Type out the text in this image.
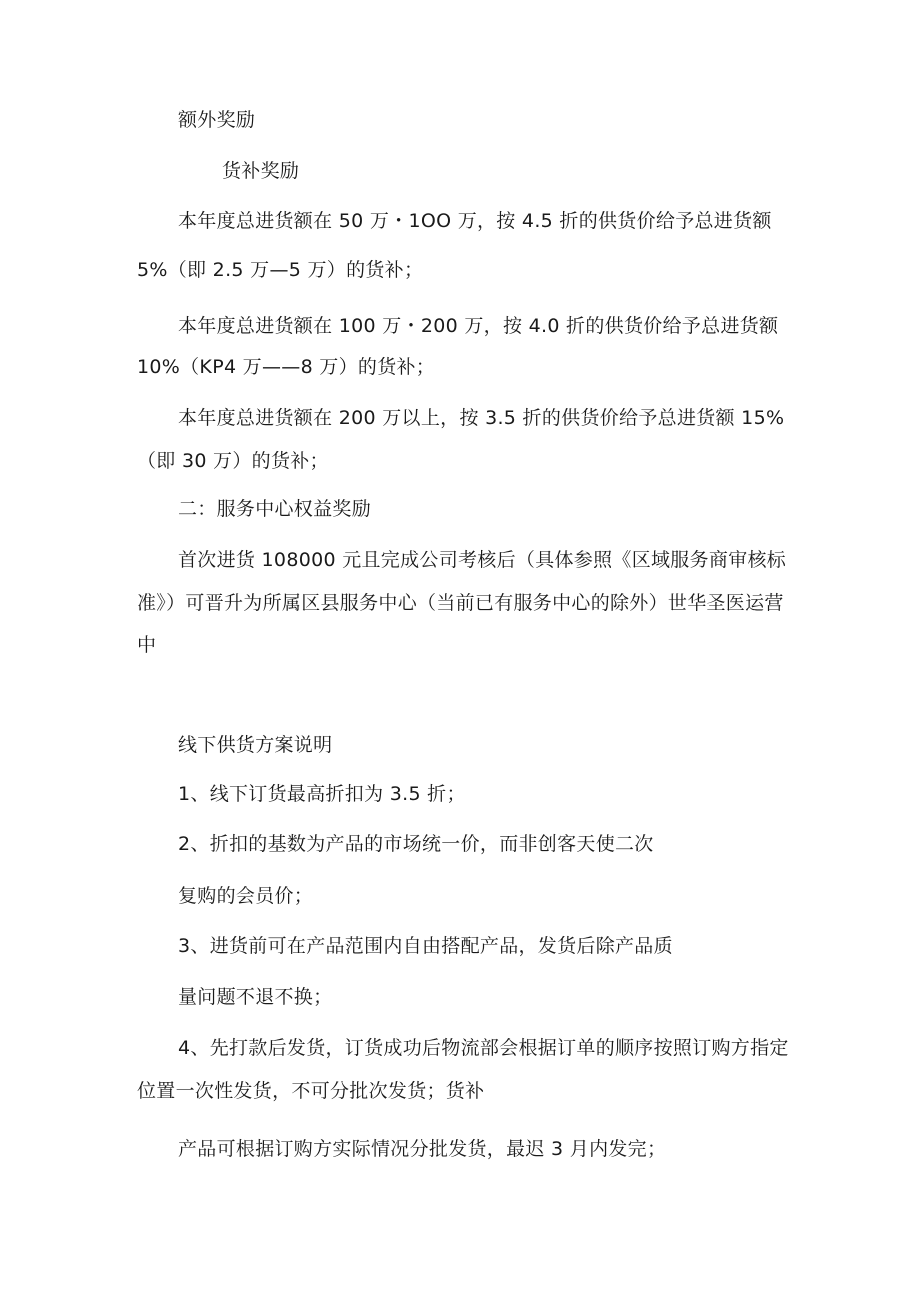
额外奖励
货补奖励
本年度总进货额在 50 万・1OO 万，按 4.5 折的供货价给予总进货额
5%（即 2.5 万—5 万）的货补；
本年度总进货额在 100 万・200 万，按 4.0 折的供货价给予总进货额
10%（KP4 万——8 万）的货补；
本年度总进货额在 200 万以上，按 3.5 折的供货价给予总进货额 15%
（即 30 万）的货补；
二：服务中心权益奖励
首次进货 108000 元且完成公司考核后（具体参照《区域服务商审核标
准》）可晋升为所属区县服务中心（当前已有服务中心的除外）世华圣医运营
中
线下供货方案说明
1、线下订货最高折扣为 3.5 折；
2、折扣的基数为产品的市场统一价，而非创客天使二次
复购的会员价；
3、进货前可在产品范围内自由搭配产品，发货后除产品质
量问题不退不换；
4、先打款后发货，订货成功后物流部会根据订单的顺序按照订购方指定
位置一次性发货，不可分批次发货；货补
产品可根据订购方实际情况分批发货，最迟 3 月内发完；
